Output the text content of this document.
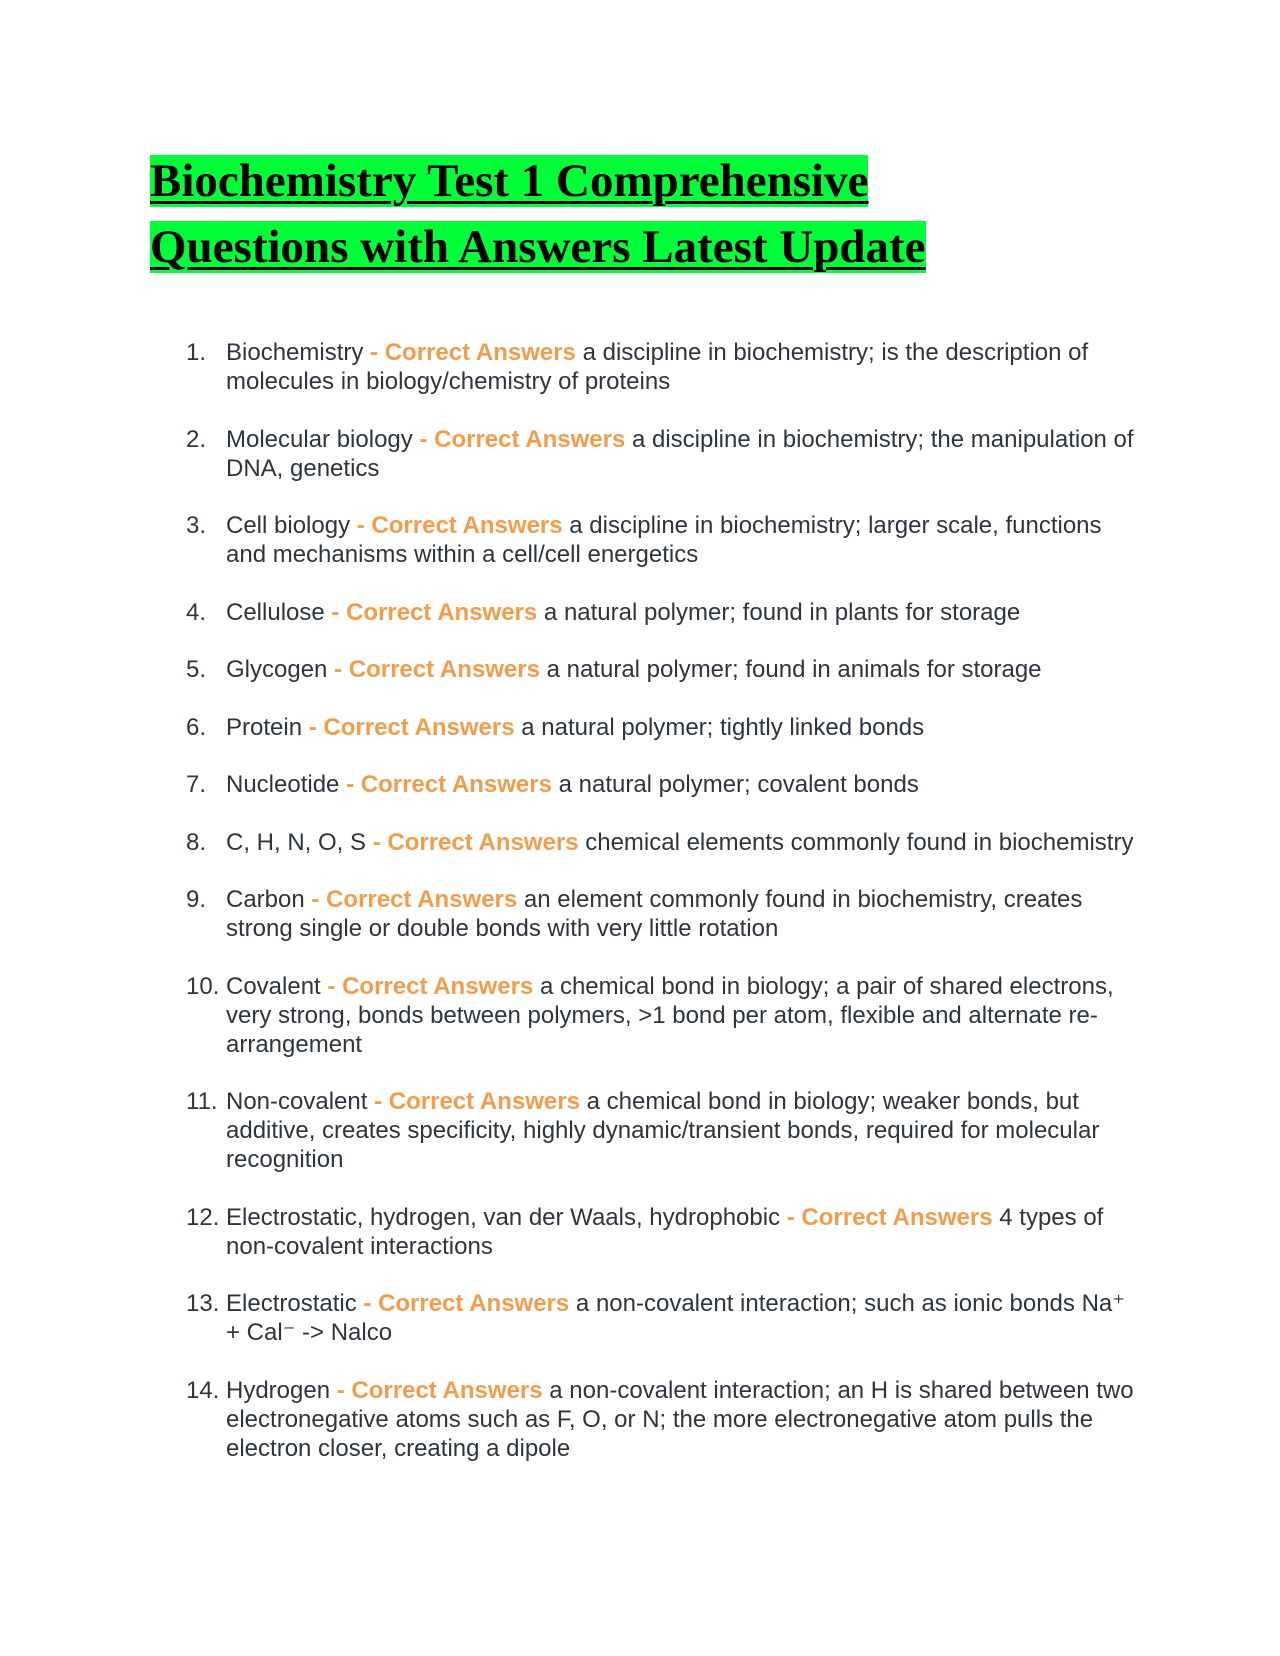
Biochemistry Test 1 Comprehensive
Questions with Answers Latest Update
1. Biochemistry - Correct Answers a discipline in biochemistry; is the description of molecules in biology/chemistry of proteins
2. Molecular biology - Correct Answers a discipline in biochemistry; the manipulation of DNA, genetics
3. Cell biology - Correct Answers a discipline in biochemistry; larger scale, functions and mechanisms within a cell/cell energetics
4. Cellulose - Correct Answers a natural polymer; found in plants for storage
5. Glycogen - Correct Answers a natural polymer; found in animals for storage
6. Protein - Correct Answers a natural polymer; tightly linked bonds
7. Nucleotide - Correct Answers a natural polymer; covalent bonds
8. C, H, N, O, S - Correct Answers chemical elements commonly found in biochemistry
9. Carbon - Correct Answers an element commonly found in biochemistry, creates strong single or double bonds with very little rotation
10. Covalent - Correct Answers a chemical bond in biology; a pair of shared electrons, very strong, bonds between polymers, >1 bond per atom, flexible and alternate re-arrangement
11. Non-covalent - Correct Answers a chemical bond in biology; weaker bonds, but additive, creates specificity, highly dynamic/transient bonds, required for molecular recognition
12. Electrostatic, hydrogen, van der Waals, hydrophobic - Correct Answers 4 types of non-covalent interactions
13. Electrostatic - Correct Answers a non-covalent interaction; such as ionic bonds Na⁺ + Cal⁻ -> Nalco
14. Hydrogen - Correct Answers a non-covalent interaction; an H is shared between two electronegative atoms such as F, O, or N; the more electronegative atom pulls the electron closer, creating a dipole
